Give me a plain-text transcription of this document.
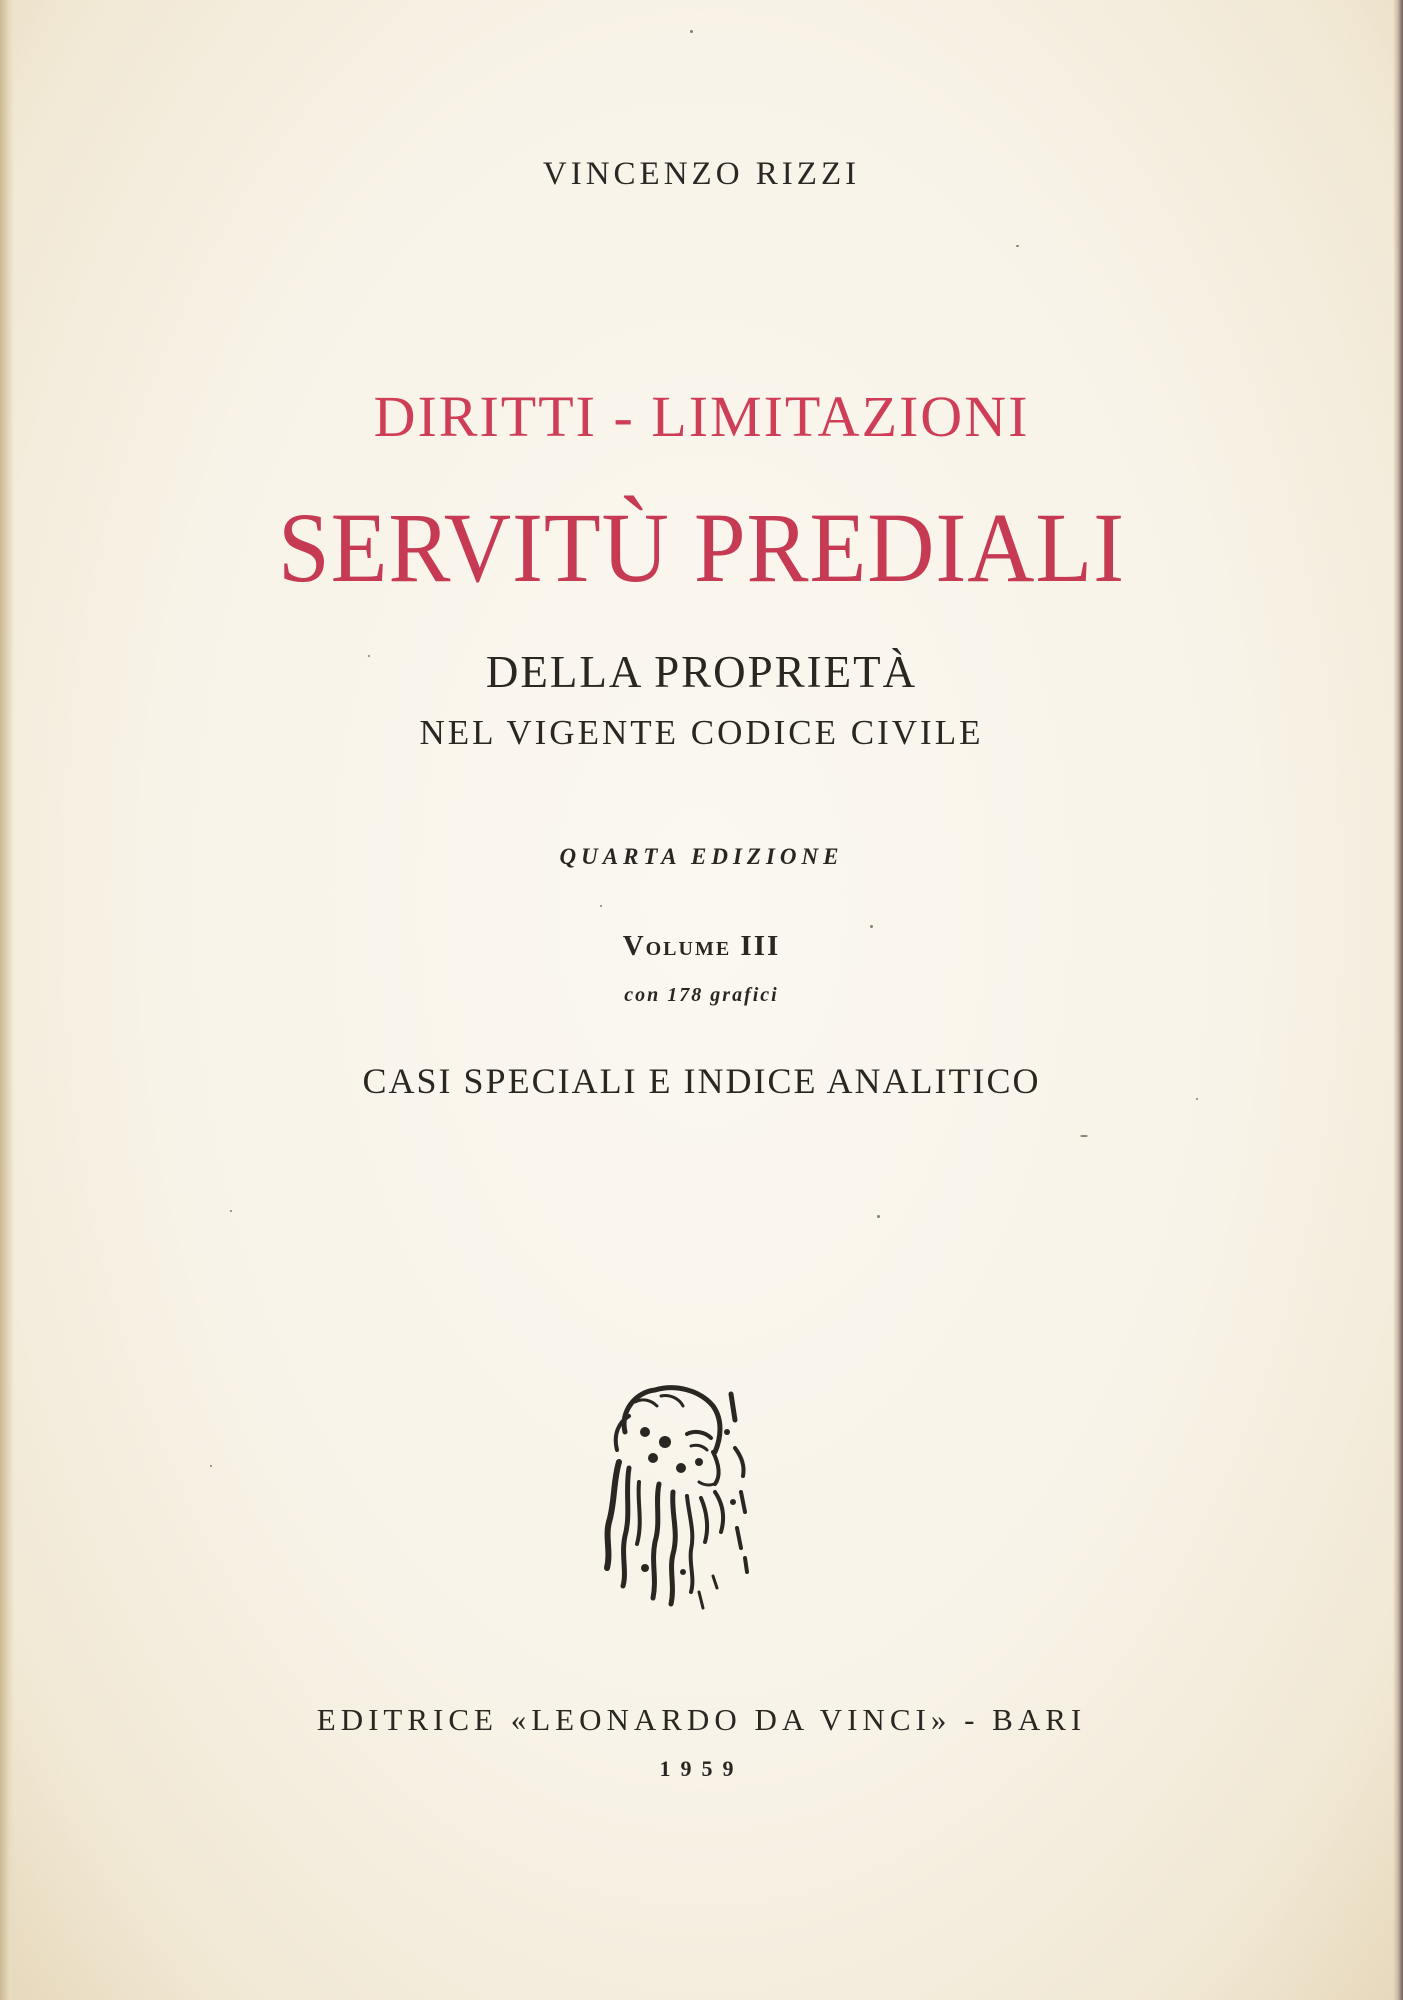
VINCENZO RIZZI
DIRITTI - LIMITAZIONI
SERVITÙ PREDIALI
DELLA PROPRIETÀ
NEL VIGENTE CODICE CIVILE
QUARTA EDIZIONE
Volume III
con 178 grafici
CASI SPECIALI E INDICE ANALITICO
EDITRICE «LEONARDO DA VINCI» - BARI
1959
